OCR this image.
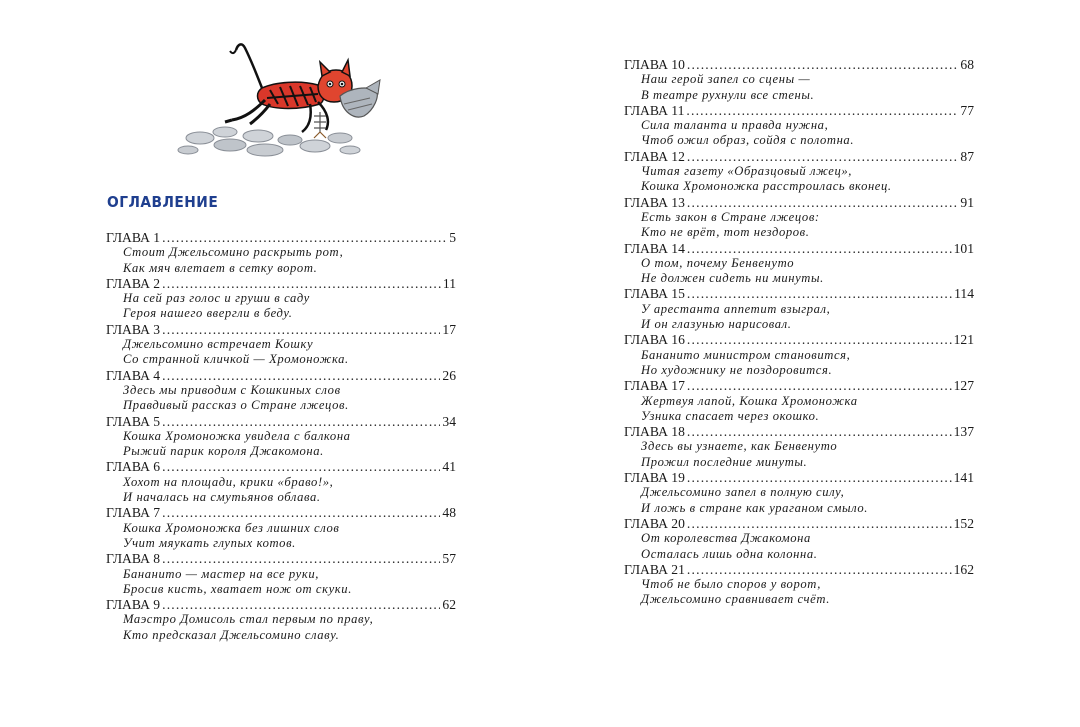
ОГЛАВЛЕНИЕ
ГЛАВА 1 .....	5
Стоит Джельсомино раскрыть рот,
Как мяч влетает в сетку ворот.
ГЛАВА 2 .....	11
На сей раз голос и груши в саду
Героя нашего ввергли в беду.
ГЛАВА 3 .....	17
Джельсомино встречает Кошку
Со странной кличкой — Хромоножка.
ГЛАВА 4 .....	26
Здесь мы приводим с Кошкиных слов
Правдивый рассказ о Стране лжецов.
ГЛАВА 5 .....	34
Кошка Хромоножка увидела с балкона
Рыжий парик короля Джакомона.
ГЛАВА 6 .....	41
Хохот на площади, крики «браво!»,
И началась на смутьянов облава.
ГЛАВА 7 .....	48
Кошка Хромоножка без лишних слов
Учит мяукать глупых котов.
ГЛАВА 8 .....	57
Бананито — мастер на все руки,
Бросив кисть, хватает нож от скуки.
ГЛАВА 9 .....	62
Маэстро Домисоль стал первым по праву,
Кто предсказал Джельсомино славу.
ГЛАВА 10 .....	68
Наш герой запел со сцены —
В театре рухнули все стены.
ГЛАВА 11 .....	77
Сила таланта и правда нужна,
Чтоб ожил образ, сойдя с полотна.
ГЛАВА 12 .....	87
Читая газету «Образцовый лжец»,
Кошка Хромоножка расстроилась вконец.
ГЛАВА 13 .....	91
Есть закон в Стране лжецов:
Кто не врёт, тот нездоров.
ГЛАВА 14 .....	101
О том, почему Бенвенуто
Не должен сидеть ни минуты.
ГЛАВА 15 .....	114
У арестанта аппетит взыграл,
И он глазунью нарисовал.
ГЛАВА 16 .....	121
Бананито министром становится,
Но художнику не поздоровится.
ГЛАВА 17 .....	127
Жертвуя лапой, Кошка Хромоножка
Узника спасает через окошко.
ГЛАВА 18 .....	137
Здесь вы узнаете, как Бенвенуто
Прожил последние минуты.
ГЛАВА 19 .....	141
Джельсомино запел в полную силу,
И ложь в стране как ураганом смыло.
ГЛАВА 20 .....	152
От королевства Джакомона
Осталась лишь одна колонна.
ГЛАВА 21 .....	162
Чтоб не было споров у ворот,
Джельсомино сравнивает счёт.
